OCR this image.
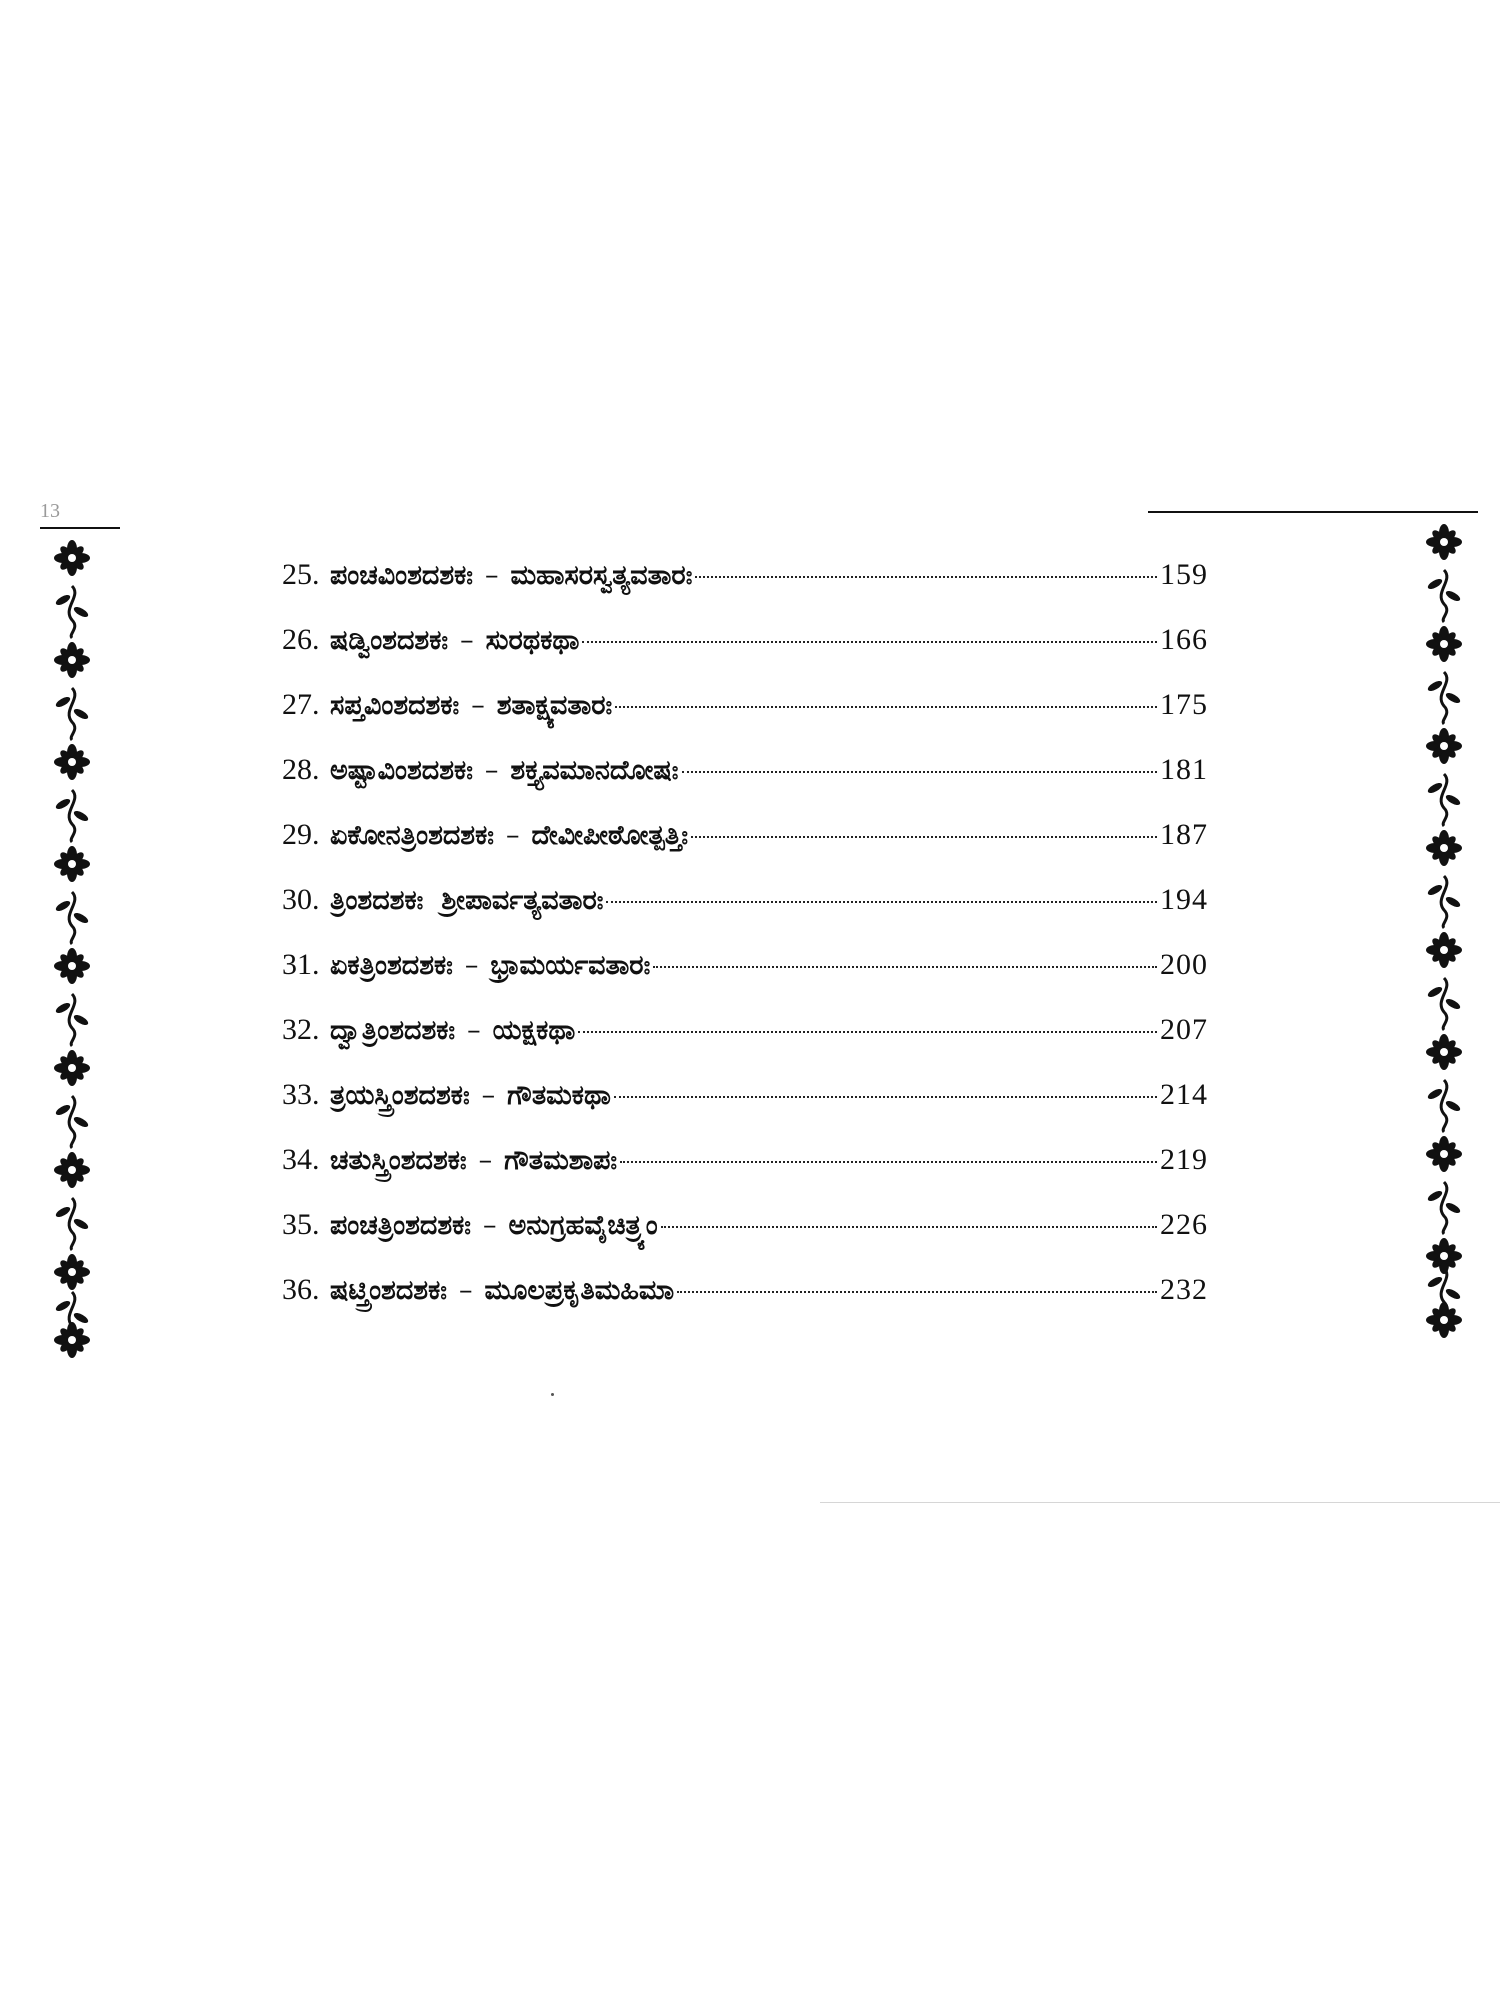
13
25. ಪಂಚವಿಂಶದಶಕಃ – ಮಹಾಸರಸ್ವತ್ಯವತಾರಃ	159
26. ಷಡ್ವಿಂಶದಶಕಃ – ಸುರಥಕಥಾ	166
27. ಸಪ್ತವಿಂಶದಶಕಃ – ಶತಾಕ್ಷ್ಯವತಾರಃ	175
28. ಅಷ್ಟಾವಿಂಶದಶಕಃ – ಶಕ್ತ್ಯವಮಾನದೋಷಃ	181
29. ಏಕೋನತ್ರಿಂಶದಶಕಃ – ದೇವೀಪೀಠೋತ್ಪತ್ತಿಃ	187
30. ತ್ರಿಂಶದಶಕಃ ಶ್ರೀಪಾರ್ವತ್ಯವತಾರಃ	194
31. ಏಕತ್ರಿಂಶದಶಕಃ – ಭ್ರಾಮರ್ಯವತಾರಃ	200
32. ದ್ವಾತ್ರಿಂಶದಶಕಃ – ಯಕ್ಷಕಥಾ	207
33. ತ್ರಯಸ್ತ್ರಿಂಶದಶಕಃ – ಗೌತಮಕಥಾ	214
34. ಚತುಸ್ತ್ರಿಂಶದಶಕಃ – ಗೌತಮಶಾಪಃ	219
35. ಪಂಚತ್ರಿಂಶದಶಕಃ – ಅನುಗ್ರಹವೈಚಿತ್ರ್ಯಂ	226
36. ಷಟ್ತ್ರಿಂಶದಶಕಃ – ಮೂಲಪ್ರಕೃತಿಮಹಿಮಾ	232
